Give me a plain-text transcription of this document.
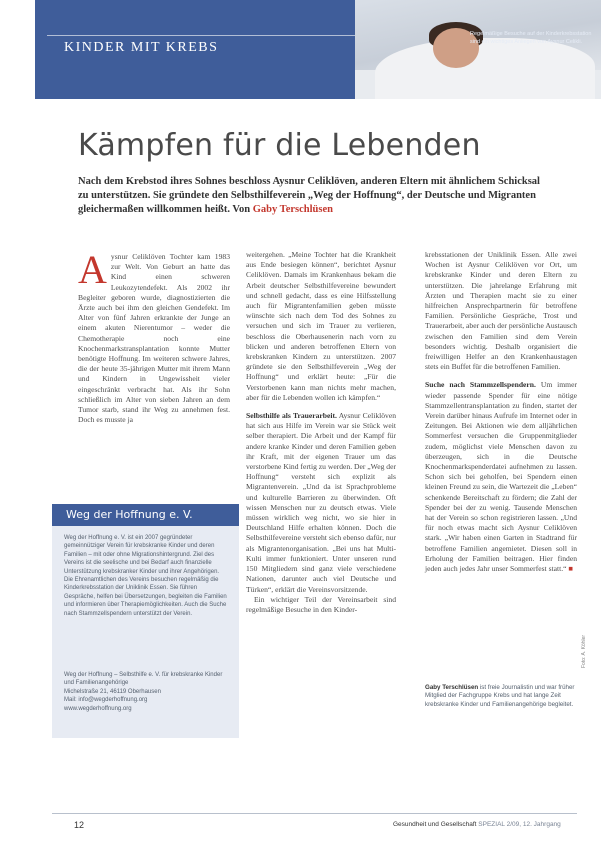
KINDER MIT KREBS
Regelmäßige Besuche auf der Kinderkrebsstation sind ein wichtiges Anliegen von Aysnur Celikli.
Kämpfen für die Lebenden

Nach dem Krebstod ihres Sohnes beschloss Aysnur Celiklöven, anderen Eltern mit ähnlichem Schicksal zu unterstützen. Sie gründete den Selbsthilfeverein „Weg der Hoffnung“, der Deutsche und Migranten gleichermaßen willkommen heißt. Von Gaby Terschlüsen

Aysnur Celiklöven Tochter kam 1983 zur Welt. Von Geburt an hatte das Kind einen schweren Leukozytendefekt. Als 2002 ihr Begleiter geboren wurde, diagnostizierten die Ärzte auch bei ihm den gleichen Gendefekt. Im Alter von fünf Jahren erkrankte der Junge an einem akuten Nierentumor – weder die Chemotherapie noch eine Knochenmarkstransplantation konnte Mutter benötigte Hoffnung. Im weiteren schwere Jahres, die der heute 35-jährigen Mutter mit ihrem Mann und Kindern in Ungewissheit vieler eingeschränkt verbracht hat. Als ihr Sohn schließlich im Alter von sieben Jahren an dem Tumor starb, stand ihr Weg zu annehmen fest. Doch es musste ja

weitergehen. „Meine Tochter hat die Krankheit aus Ende besiegen können“, berichtet Aysnur Celiklöven. Damals im Krankenhaus bekam die Arbeit deutscher Selbsthilfevereine bewundert und schnell gedacht, dass es eine Hilfsstellung auch für Migrantenfamilien geben müsste wünschte sich nach dem Tod des Sohnes zu versuchen und sich im Trauer zu verlieren, beschloss die Oberhausenerin nach vorn zu blicken und anderen betroffenen Eltern von krebskranken Kindern zu unterstützen. 2007 gründete sie den Selbsthilfeverein „Weg der Hoffnung“ und erklärt heute: „Für die Verstorbenen kann man nichts mehr machen, aber für die Lebenden wollen ich kämpfen.“

Selbsthilfe als Trauerarbeit. Aysnur Celiklöven hat sich aus Hilfe im Verein war sie Stück weit selber therapiert. Die Arbeit und der Kampf für andere kranke Kinder und deren Familien geben ihr Kraft, mit der eigenen Trauer um das verstorbene Kind fertig zu werden. Der „Weg der Hoffnung“ versteht sich explizit als Migrantenverein. „Und da ist Sprachprobleme und kulturelle Barrieren zu überwinden. Oft wissen Menschen nur zu deutsch etwas. Viele müssen wirklich weg nicht, wo sie hier in Deutschland Hilfe erhalten können. Doch die Selbsthilfevereine versteht sich ebenso dafür, nur als Migrantenorganisation. „Bei uns hat Multi-Kulti immer funktioniert. Unter unseren rund 150 Mitgliedern sind ganz viele verschiedene Nationen, darunter auch viel Deutsche und Türken“, erklärt die Vereinsvorsitzende.

Ein wichtiger Teil der Vereinsarbeit sind regelmäßige Besuche in den Kinder-

krebsstationen der Uniklinik Essen. Alle zwei Wochen ist Aysnur Celiklöven vor Ort, um krebskranke Kinder und deren Eltern zu unterstützen. Die jahrelange Erfahrung mit Ärzten und Therapien macht sie zu einer hilfreichen Ansprechpartnerin für betroffene Familien. Persönliche Gespräche, Trost und Trauerarbeit, aber auch der persönliche Austausch zwischen den Familien sind dem Verein besonders wichtig. Deshalb organisiert die freiwilligen Helfer an den Krankenhaustagen stets ein Buffet für die betroffenen Familien.

Suche nach Stammzellspendern. Um immer wieder passende Spender für eine nötige Stammzellentransplantation zu finden, startet der Verein darüber hinaus Aufrufe im Internet oder in Zeitungen. Bei Aktionen wie dem alljährlichen Sommerfest versuchen die Gruppenmitglieder zudem, möglichst viele Menschen davon zu überzeugen, sich in die Deutsche Knochenmarkspenderdatei aufnehmen zu lassen. Schon sich bei geholfen, bei Spendern einen kleinen Freund zu sein, die Wartezeit die „Leben“ schenkende Bereitschaft zu fördern; die Zahl der Spender bei der zu wenig. Tausende Menschen hat der Verein so schon registrieren lassen. „Und für noch etwas macht sich Aysnur Celiklöven stark. „Wir haben einen Garten in Stadtrand für betroffene Familien angemietet. Diesen soll in Erholung der Familien beitragen. Hier finden jeden auch jedes Jahr unser Sommerfest statt.“ ■

Weg der Hoffnung e. V.
Weg der Hoffnung e. V. ist ein 2007 gegründeter gemeinnütziger Verein für krebskranke Kinder und deren Familien – mit oder ohne Migrationshintergrund. Ziel des Vereins ist die seelische und bei Bedarf auch finanzielle Unterstützung krebskranker Kinder und ihrer Angehörigen. Die Ehrenamtlichen des Vereins besuchen regelmäßig die Kinderkrebsstation der Uniklinik Essen. Sie führen Gespräche, helfen bei Übersetzungen, begleiten die Familien und informieren über Therapiemöglichkeiten. Auch die Suche nach Stammzellspendern unterstützt der Verein.
Weg der Hoffnung – Selbsthilfe e. V. für krebskranke Kinder und Familienangehörige
Michelstraße 21, 46119 Oberhausen
Mail: info@wegderhoffnung.org
www.wegderhoffnung.org
Gaby Terschlüsen ist freie Journalistin und war früher Mitglied der Fachgruppe Krebs und hat lange Zeit krebskranke Kinder und Familienangehörige begleitet.
12	Gesundheit und Gesellschaft SPEZIAL 2/09, 12. Jahrgang
Foto: A. Köhler
